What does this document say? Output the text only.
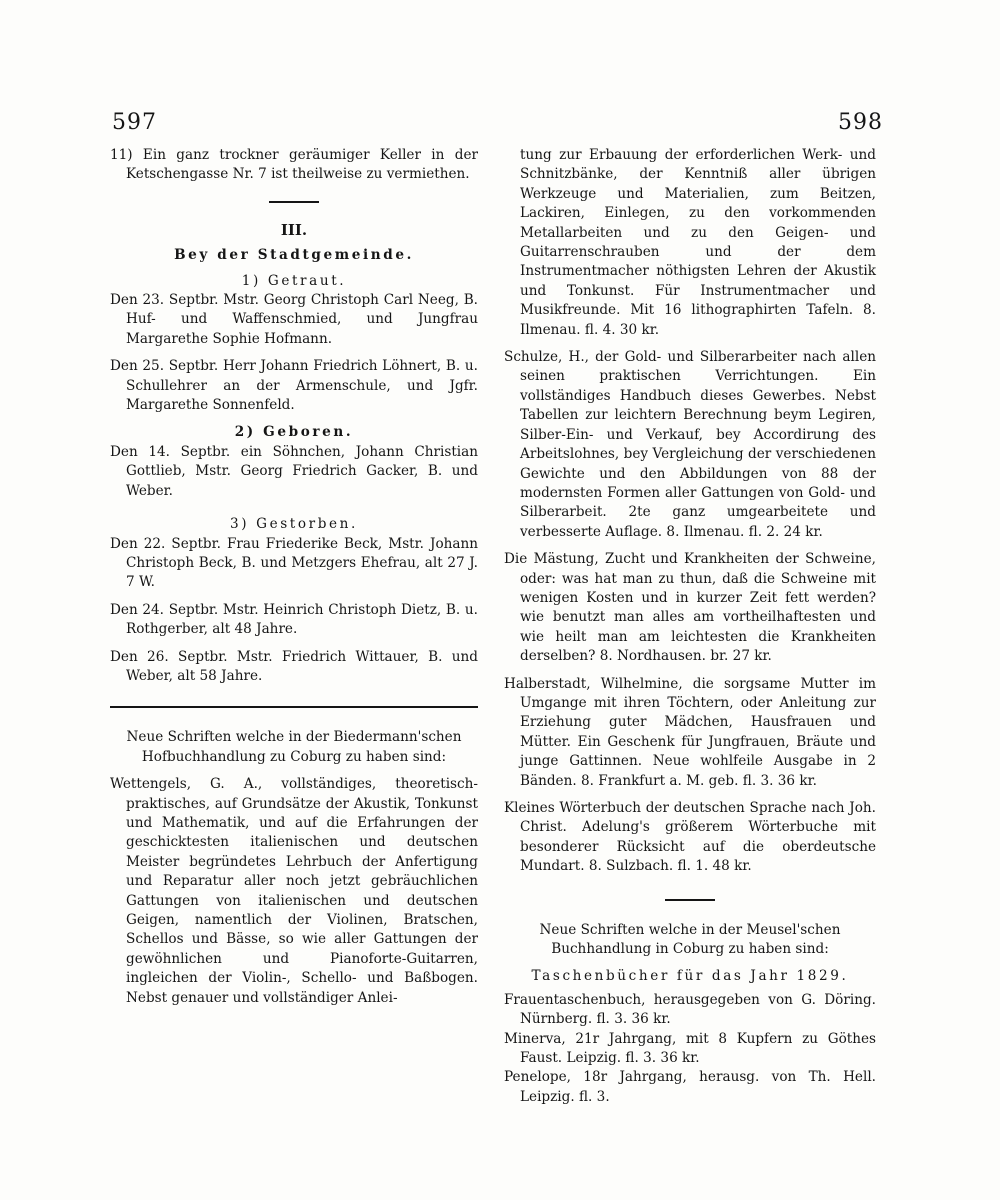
597	598

11) Ein ganz trockner geräumiger Keller in der Ketschengasse Nr. 7 ist theilweise zu vermiethen.

III.

Bey der Stadtgemeinde.

1) Getraut.

Den 23. Septbr. Mstr. Georg Christoph Carl Neeg, B. Huf- und Waffenschmied, und Jungfrau Margarethe Sophie Hofmann.

Den 25. Septbr. Herr Johann Friedrich Löhnert, B. u. Schullehrer an der Armenschule, und Jgfr. Margarethe Sonnenfeld.

2) Geboren.

Den 14. Septbr. ein Söhnchen, Johann Christian Gottlieb, Mstr. Georg Friedrich Gacker, B. und Weber.

3) Gestorben.

Den 22. Septbr. Frau Friederike Beck, Mstr. Johann Christoph Beck, B. und Metzgers Ehefrau, alt 27 J. 7 W.

Den 24. Septbr. Mstr. Heinrich Christoph Dietz, B. u. Rothgerber, alt 48 Jahre.

Den 26. Septbr. Mstr. Friedrich Wittauer, B. und Weber, alt 58 Jahre.

Neue Schriften welche in der Biedermann'schen Hofbuchhandlung zu Coburg zu haben sind:

Wettengels, G. A., vollständiges, theoretisch-praktisches, auf Grundsätze der Akustik, Tonkunst und Mathematik, und auf die Erfahrungen der geschicktesten italienischen und deutschen Meister begründetes Lehrbuch der Anfertigung und Reparatur aller noch jetzt gebräuchlichen Gattungen von italienischen und deutschen Geigen, namentlich der Violinen, Bratschen, Schellos und Bässe, so wie aller Gattungen der gewöhnlichen und Pianoforte-Guitarren, ingleichen der Violin-, Schello- und Baßbogen. Nebst genauer und vollständiger Anlei-

tung zur Erbauung der erforderlichen Werk- und Schnitzbänke, der Kenntniß aller übrigen Werkzeuge und Materialien, zum Beitzen, Lackiren, Einlegen, zu den vorkommenden Metallarbeiten und zu den Geigen- und Guitarrenschrauben und der dem Instrumentmacher nöthigsten Lehren der Akustik und Tonkunst. Für Instrumentmacher und Musikfreunde. Mit 16 lithographirten Tafeln. 8. Ilmenau. fl. 4. 30 kr.

Schulze, H., der Gold- und Silberarbeiter nach allen seinen praktischen Verrichtungen. Ein vollständiges Handbuch dieses Gewerbes. Nebst Tabellen zur leichtern Berechnung beym Legiren, Silber-Ein- und Verkauf, bey Accordirung des Arbeitslohnes, bey Vergleichung der verschiedenen Gewichte und den Abbildungen von 88 der modernsten Formen aller Gattungen von Gold- und Silberarbeit. 2te ganz umgearbeitete und verbesserte Auflage. 8. Ilmenau. fl. 2. 24 kr.

Die Mästung, Zucht und Krankheiten der Schweine, oder: was hat man zu thun, daß die Schweine mit wenigen Kosten und in kurzer Zeit fett werden? wie benutzt man alles am vortheilhaftesten und wie heilt man am leichtesten die Krankheiten derselben? 8. Nordhausen. br. 27 kr.

Halberstadt, Wilhelmine, die sorgsame Mutter im Umgange mit ihren Töchtern, oder Anleitung zur Erziehung guter Mädchen, Hausfrauen und Mütter. Ein Geschenk für Jungfrauen, Bräute und junge Gattinnen. Neue wohlfeile Ausgabe in 2 Bänden. 8. Frankfurt a. M. geb. fl. 3. 36 kr.

Kleines Wörterbuch der deutschen Sprache nach Joh. Christ. Adelung's größerem Wörterbuche mit besonderer Rücksicht auf die oberdeutsche Mundart. 8. Sulzbach. fl. 1. 48 kr.

Neue Schriften welche in der Meusel'schen Buchhandlung in Coburg zu haben sind:

Taschenbücher für das Jahr 1829.

Frauentaschenbuch, herausgegeben von G. Döring. Nürnberg. fl. 3. 36 kr.

Minerva, 21r Jahrgang, mit 8 Kupfern zu Göthes Faust. Leipzig. fl. 3. 36 kr.

Penelope, 18r Jahrgang, herausg. von Th. Hell. Leipzig. fl. 3.
